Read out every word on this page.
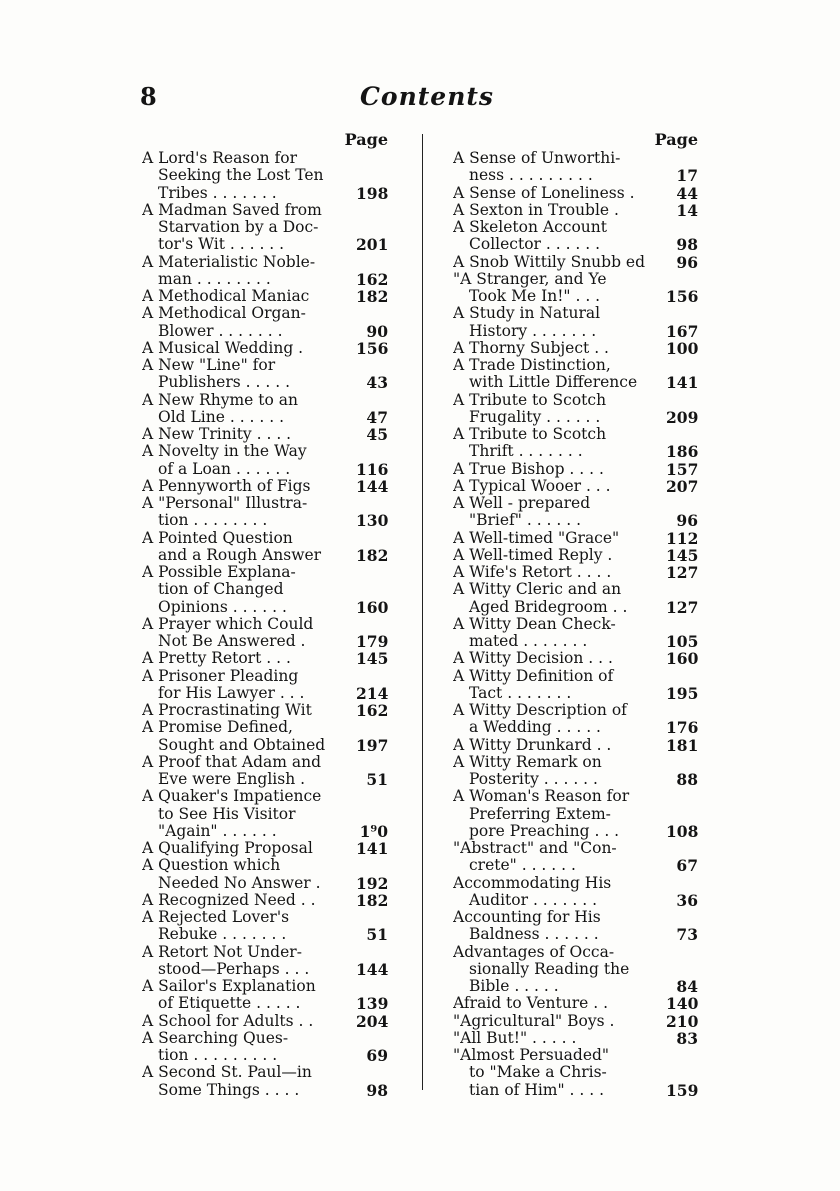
8	Contents
Page
A Lord's Reason for
Seeking the Lost Ten
Tribes . . . . . . .	198
A Madman Saved from
Starvation by a Doc-
tor's Wit . . . . . .	201
A Materialistic Noble-
man . . . . . . . .	162
A Methodical Maniac	182
A Methodical Organ-
Blower . . . . . . .	90
A Musical Wedding .	156
A New "Line" for
Publishers . . . . .	43
A New Rhyme to an
Old Line . . . . . .	47
A New Trinity . . . .	45
A Novelty in the Way
of a Loan . . . . . .	116
A Pennyworth of Figs	144
A "Personal" Illustra-
tion . . . . . . . .	130
A Pointed Question
and a Rough Answer	182
A Possible Explana-
tion of Changed
Opinions . . . . . .	160
A Prayer which Could
Not Be Answered .	179
A Pretty Retort . . .	145
A Prisoner Pleading
for His Lawyer . . .	214
A Procrastinating Wit	162
A Promise Defined,
Sought and Obtained	197
A Proof that Adam and
Eve were English .	51
A Quaker's Impatience
to See His Visitor
"Again" . . . . . .	1⁹0
A Qualifying Proposal	141
A Question which
Needed No Answer .	192
A Recognized Need . .	182
A Rejected Lover's
Rebuke . . . . . . .	51
A Retort Not Under-
stood—Perhaps . . .	144
A Sailor's Explanation
of Etiquette . . . . .	139
A School for Adults . .	204
A Searching Ques-
tion . . . . . . . . .	69
A Second St. Paul—in
Some Things . . . .	98
Page
A Sense of Unworthi-
ness . . . . . . . . .	17
A Sense of Loneliness .	44
A Sexton in Trouble .	14
A Skeleton Account
Collector . . . . . .	98
A Snob Wittily Snubb ed	96
"A Stranger, and Ye
Took Me In!" . . .	156
A Study in Natural
History . . . . . . .	167
A Thorny Subject . .	100
A Trade Distinction,
with Little Difference	141
A Tribute to Scotch
Frugality . . . . . .	209
A Tribute to Scotch
Thrift . . . . . . .	186
A True Bishop . . . .	157
A Typical Wooer . . .	207
A Well - prepared
"Brief" . . . . . .	96
A Well-timed "Grace"	112
A Well-timed Reply .	145
A Wife's Retort . . . .	127
A Witty Cleric and an
Aged Bridegroom . .	127
A Witty Dean Check-
mated . . . . . . .	105
A Witty Decision . . .	160
A Witty Definition of
Tact . . . . . . .	195
A Witty Description of
a Wedding . . . . .	176
A Witty Drunkard . .	181
A Witty Remark on
Posterity . . . . . .	88
A Woman's Reason for
Preferring Extem-
pore Preaching . . .	108
"Abstract" and "Con-
crete" . . . . . .	67
Accommodating His
Auditor . . . . . . .	36
Accounting for His
Baldness . . . . . .	73
Advantages of Occa-
sionally Reading the
Bible . . . . .	84
Afraid to Venture . .	140
"Agricultural" Boys .	210
"All But!" . . . . .	83
"Almost Persuaded"
to "Make a Chris-
tian of Him" . . . .	159
